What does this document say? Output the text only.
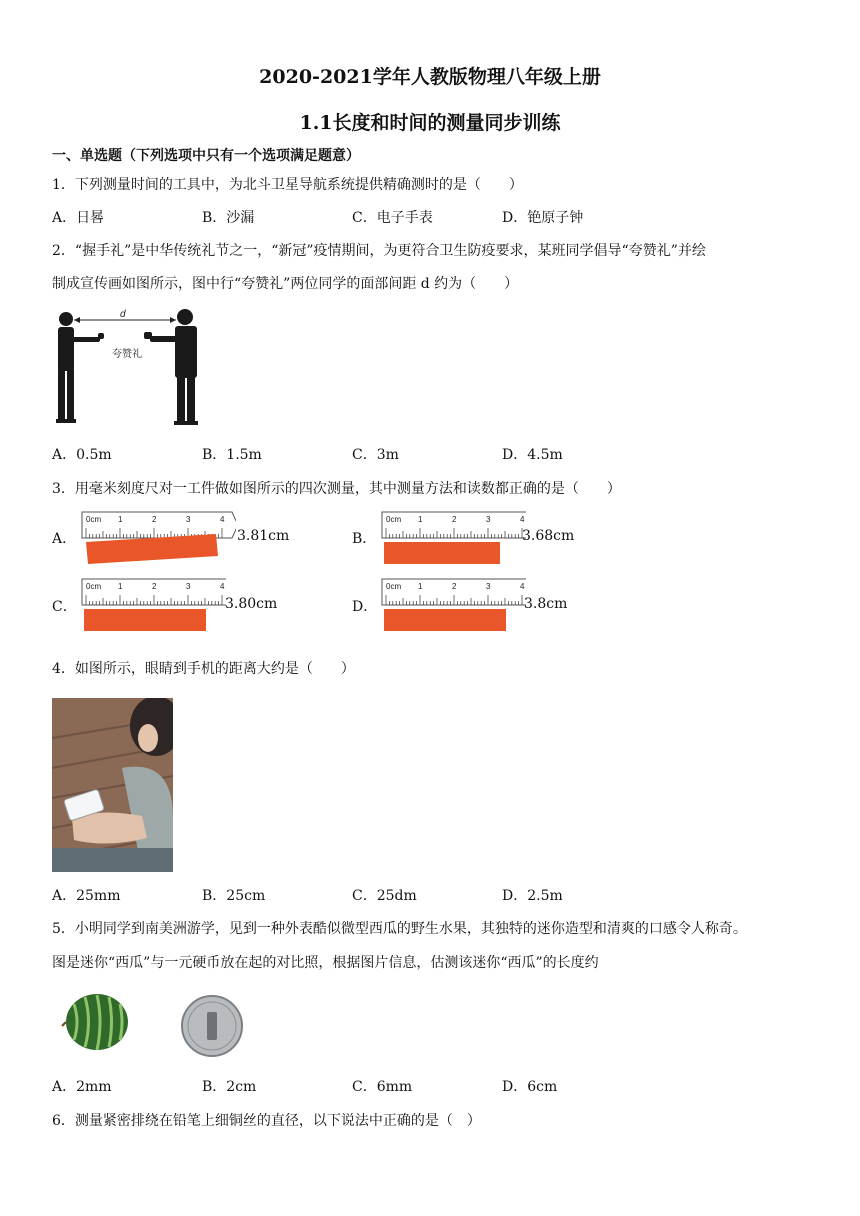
2020-2021学年人教版物理八年级上册
1.1长度和时间的测量同步训练
一、单选题（下列选项中只有一个选项满足题意）
1．下列测量时间的工具中，为北斗卫星导航系统提供精确测时的是（　　）
A．日晷	B．沙漏	C．电子手表	D．铯原子钟
2．“握手礼”是中华传统礼节之一，“新冠”疫情期间，为更符合卫生防疫要求，某班同学倡导“夸赞礼”并绘
制成宣传画如图所示，图中行“夸赞礼”两位同学的面部间距 d 约为（　　）
d
夸赞礼
A．0.5m	B．1.5m	C．3m	D．4.5m
3．用毫米刻度尺对一工件做如图所示的四次测量，其中测量方法和读数都正确的是（　　）
A．
0cm 1	2	3	4
3.81cm	B．
0cm 1	2	3	4
3.68cm
C．
0cm 1	2	3	4
3.80cm	D．
0cm 1	2	3	4
3.8cm
4．如图所示，眼睛到手机的距离大约是（　　）
A．25mm	B．25cm	C．25dm	D．2.5m
5．小明同学到南美洲游学，见到一种外表酷似微型西瓜的野生水果，其独特的迷你造型和清爽的口感令人称奇。
图是迷你“西瓜”与一元硬币放在起的对比照，根据图片信息，估测该迷你“西瓜”的长度约
A．2mm	B．2cm	C．6mm	D．6cm
6．测量紧密排绕在铅笔上细铜丝的直径，以下说法中正确的是（　）
